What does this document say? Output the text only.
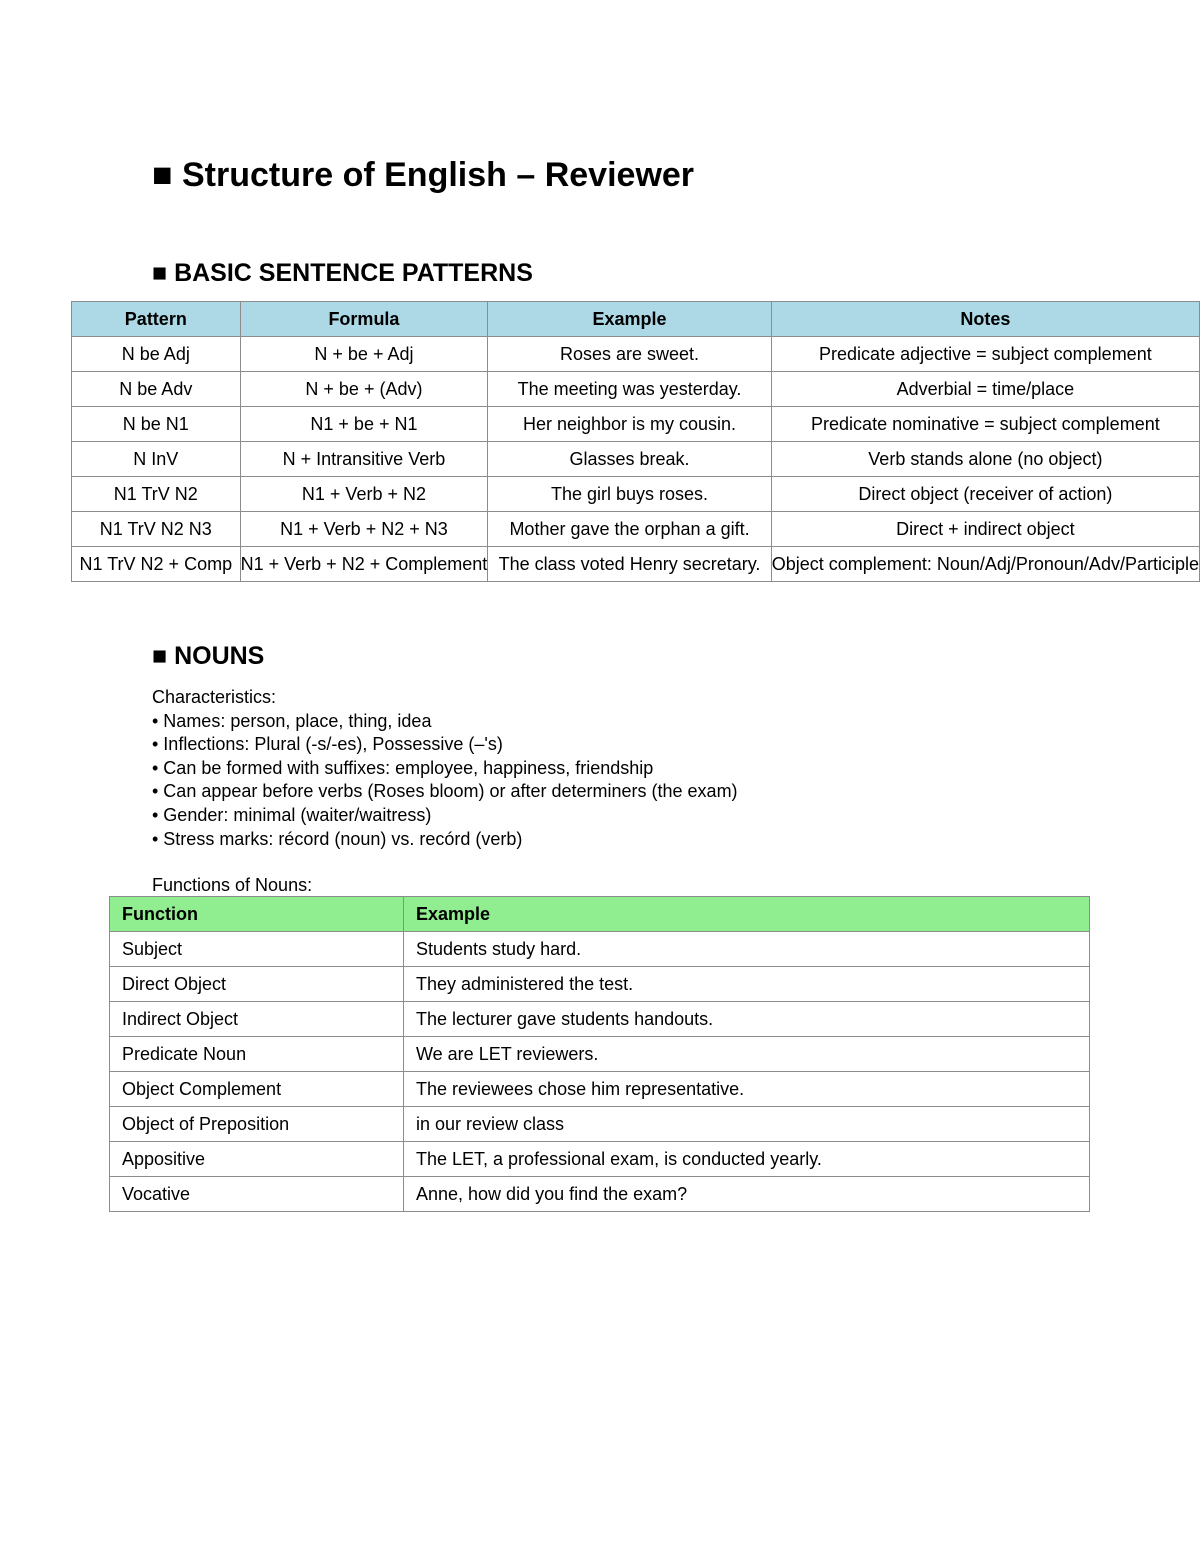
■ Structure of English – Reviewer
■ BASIC SENTENCE PATTERNS
Pattern	Formula	Example	Notes
N be Adj	N + be + Adj	Roses are sweet.	Predicate adjective = subject complement
N be Adv	N + be + (Adv)	The meeting was yesterday.	Adverbial = time/place
N be N1	N1 + be + N1	Her neighbor is my cousin.	Predicate nominative = subject complement
N InV	N + Intransitive Verb	Glasses break.	Verb stands alone (no object)
N1 TrV N2	N1 + Verb + N2	The girl buys roses.	Direct object (receiver of action)
N1 TrV N2 N3	N1 + Verb + N2 + N3	Mother gave the orphan a gift.	Direct + indirect object
N1 TrV N2 + Comp	N1 + Verb + N2 + Complement	The class voted Henry secretary.	Object complement: Noun/Adj/Pronoun/Adv/Participle
■ NOUNS
Characteristics:
• Names: person, place, thing, idea
• Inflections: Plural (-s/-es), Possessive (–'s)
• Can be formed with suffixes: employee, happiness, friendship
• Can appear before verbs (Roses bloom) or after determiners (the exam)
• Gender: minimal (waiter/waitress)
• Stress marks: récord (noun) vs. recórd (verb)
Functions of Nouns:
Function	Example
Subject	Students study hard.
Direct Object	They administered the test.
Indirect Object	The lecturer gave students handouts.
Predicate Noun	We are LET reviewers.
Object Complement	The reviewees chose him representative.
Object of Preposition	in our review class
Appositive	The LET, a professional exam, is conducted yearly.
Vocative	Anne, how did you find the exam?
